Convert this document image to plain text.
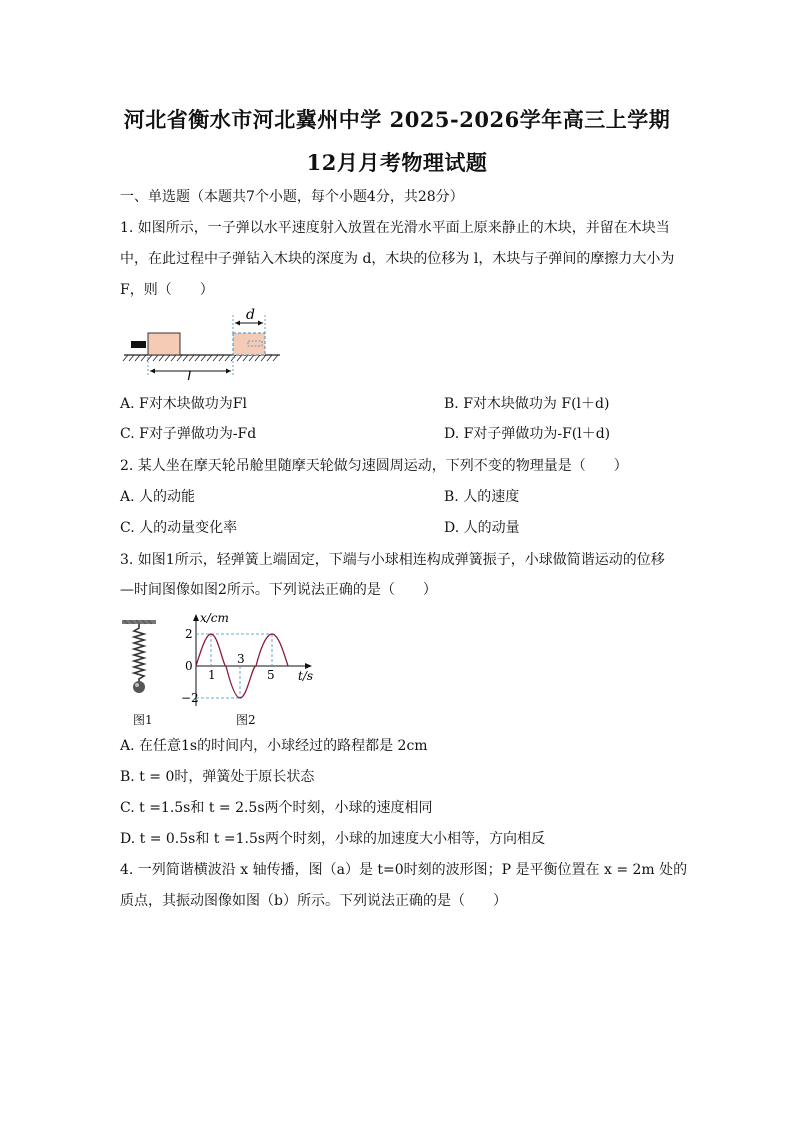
河北省衡水市河北冀州中学 2025-2026学年高三上学期
12月月考物理试题
一、单选题（本题共7个小题，每个小题4分，共28分）
1. 如图所示，一子弹以水平速度射入放置在光滑水平面上原来静止的木块，并留在木块当
中，在此过程中子弹钻入木块的深度为 d，木块的位移为 l，木块与子弹间的摩擦力大小为
F，则（　　）
d
l
A. F对木块做功为Fl	B. F对木块做功为 F(l＋d)
C. F对子弹做功为-Fd	D. F对子弹做功为-F(l＋d)
2. 某人坐在摩天轮吊舱里随摩天轮做匀速圆周运动，下列不变的物理量是（　　）
A. 人的动能	B. 人的速度
C. 人的动量变化率	D. 人的动量
3. 如图1所示，轻弹簧上端固定，下端与小球相连构成弹簧振子，小球做简谐运动的位移
—时间图像如图2所示。下列说法正确的是（　　）
图1
x/cm
t/s
2
0
−2
1
3
5
图2
A. 在任意1s的时间内，小球经过的路程都是 2cm
B. t = 0时，弹簧处于原长状态
C. t =1.5s和 t = 2.5s两个时刻，小球的速度相同
D. t = 0.5s和 t =1.5s两个时刻，小球的加速度大小相等，方向相反
4. 一列简谐横波沿 x 轴传播，图（a）是 t=0时刻的波形图；P 是平衡位置在 x = 2m 处的
质点，其振动图像如图（b）所示。下列说法正确的是（　　）
